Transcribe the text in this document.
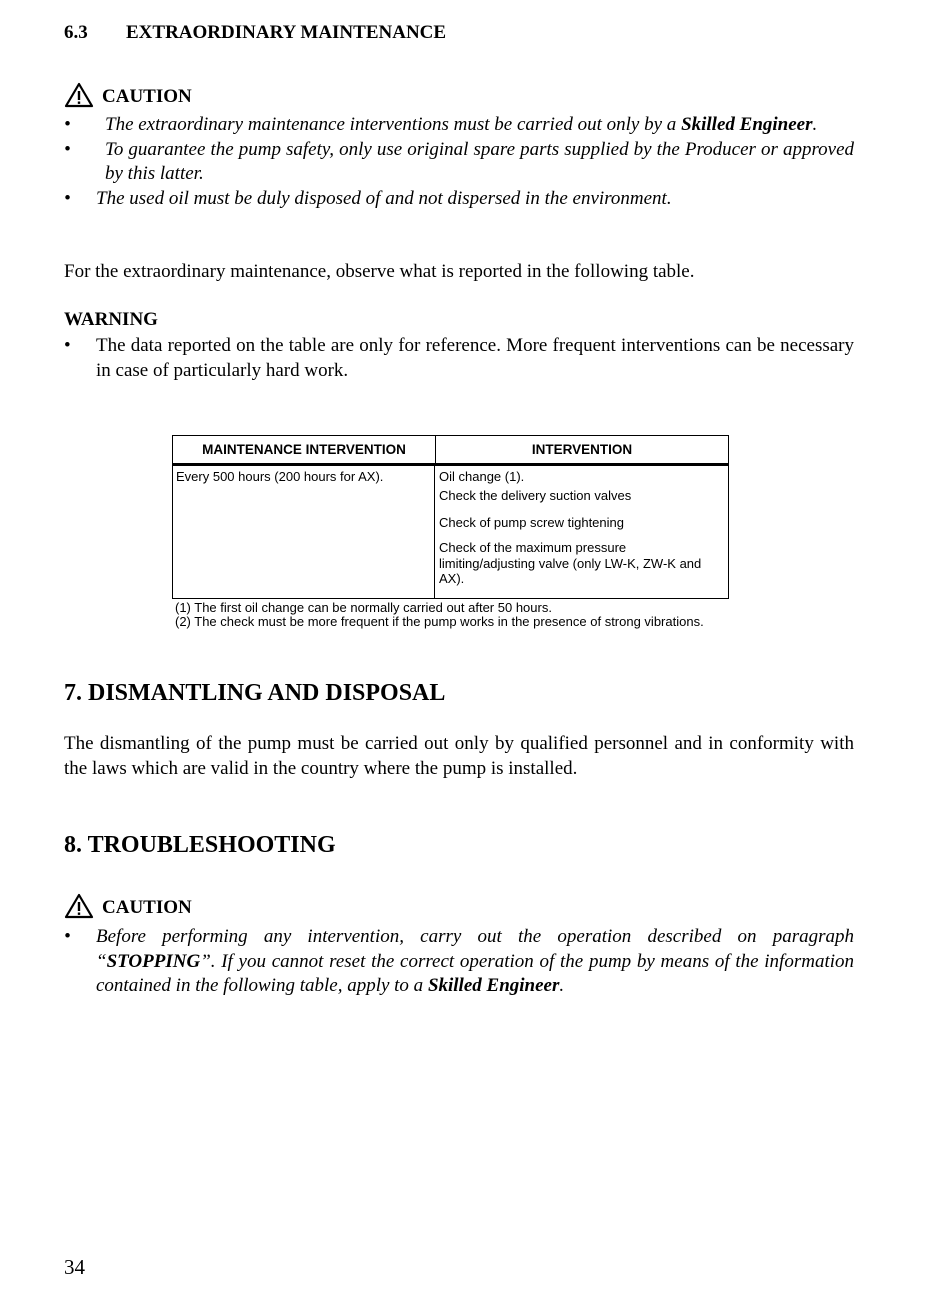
6.3 EXTRAORDINARY MAINTENANCE
CAUTION
• The extraordinary maintenance interventions must be carried out only by a Skilled Engineer.
• To guarantee the pump safety, only use original spare parts supplied by the Producer or approved by this latter.
• The used oil must be duly disposed of and not dispersed in the environment.

For the extraordinary maintenance, observe what is reported in the following table.

WARNING
• The data reported on the table are only for reference. More frequent interventions can be necessary in case of particularly hard work.
7. DISMANTLING AND DISPOSAL

The dismantling of the pump must be carried out only by qualified personnel and in conformity with the laws which are valid in the country where the pump is installed.

8. TROUBLESHOOTING
CAUTION
• Before performing any intervention, carry out the operation described on paragraph “STOPPING”. If you cannot reset the correct operation of the pump by means of the information contained in the following table, apply to a Skilled Engineer.
34
MAINTENANCE INTERVENTION	INTERVENTION
Every 500 hours (200 hours for AX).	Oil change (1).
Check the delivery suction valves
Check of pump screw tightening
Check of the maximum pressure limiting/adjusting valve (only LW-K, ZW-K and AX).
(1) The first oil change can be normally carried out after 50 hours.
(2) The check must be more frequent if the pump works in the presence of strong vibrations.
